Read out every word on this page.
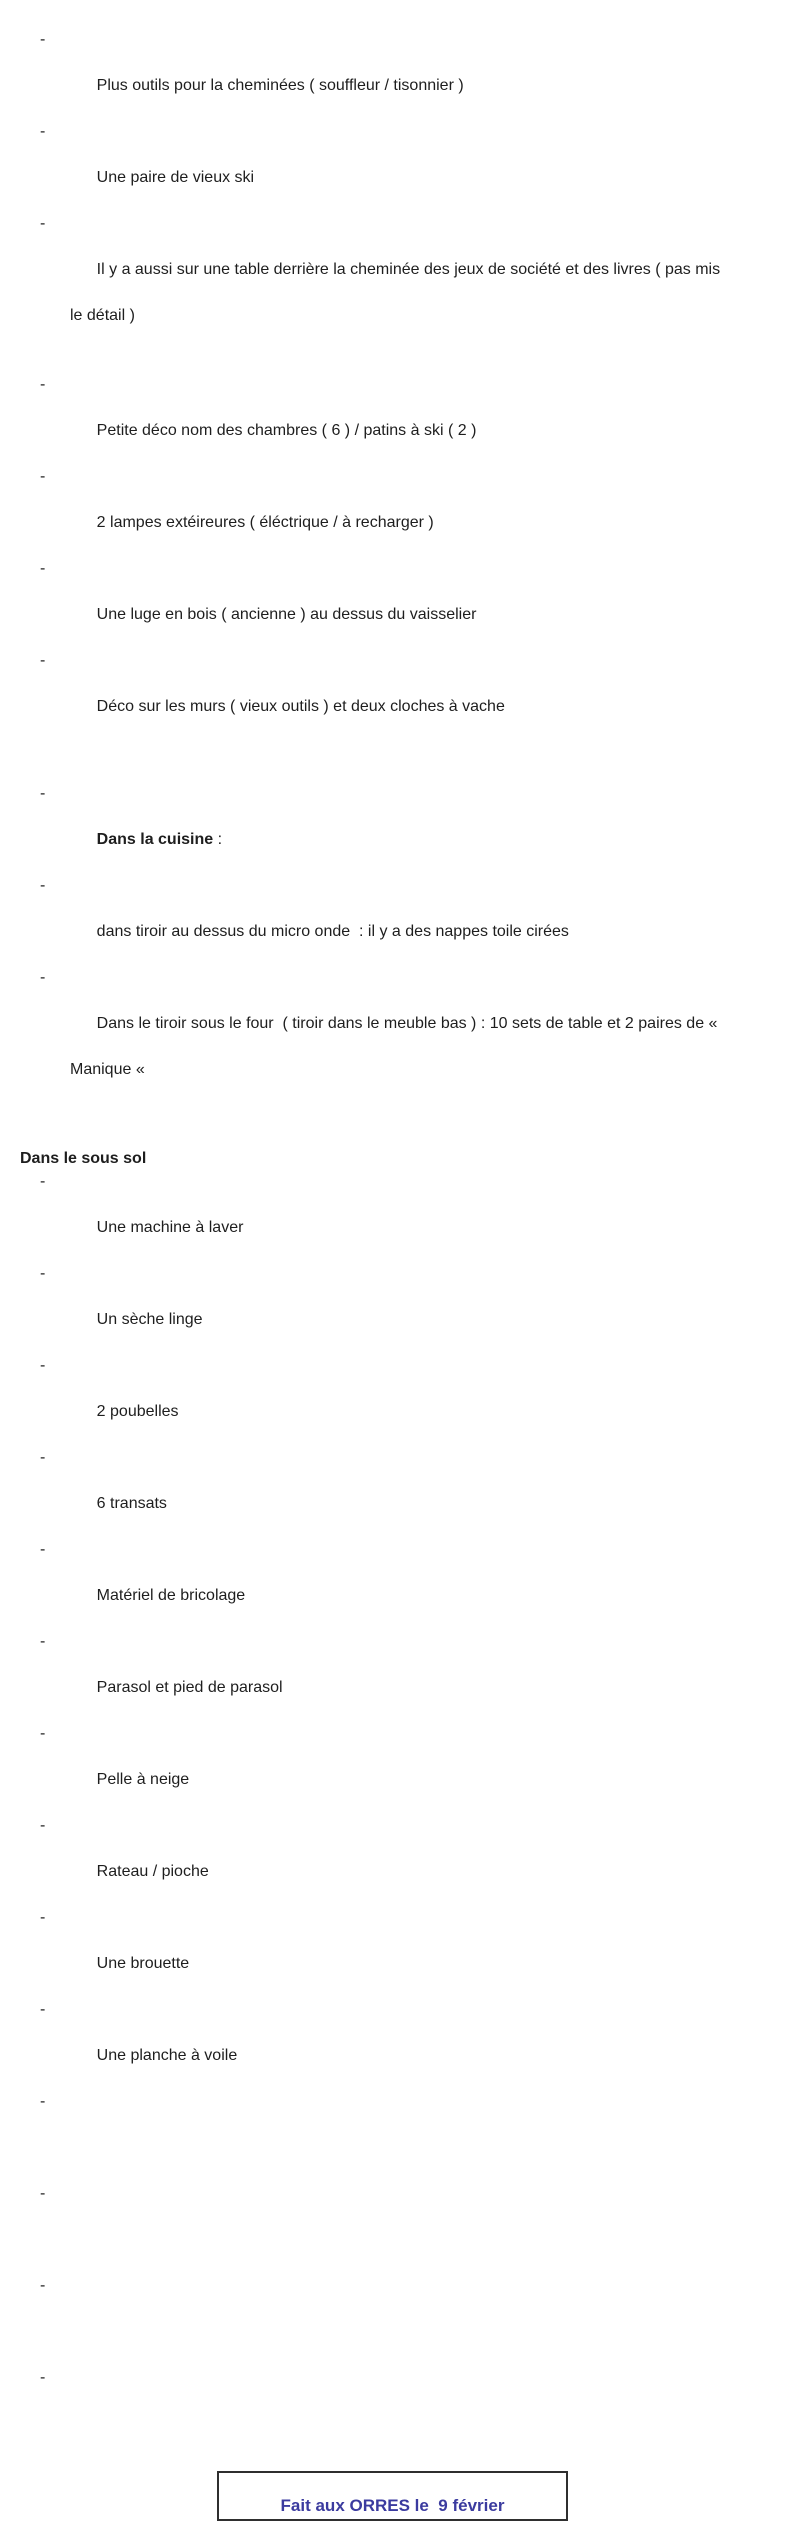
-

Plus outils pour la cheminées ( souffleur / tisonnier )

-

Une paire de vieux ski

-

Il y a aussi sur une table derrière la cheminée des jeux de société et des livres ( pas mis

le détail )

-

Petite déco nom des chambres ( 6 ) / patins à ski ( 2 )

-

2 lampes extéireures ( éléctrique / à recharger )

-

Une luge en bois ( ancienne ) au dessus du vaisselier

-

Déco sur les murs ( vieux outils ) et deux cloches à vache

-

Dans la cuisine :

-

dans tiroir au dessus du micro onde  : il y a des nappes toile cirées

-

Dans le tiroir sous le four  ( tiroir dans le meuble bas ) : 10 sets de table et 2 paires de «

Manique «

Dans le sous sol

-

Une machine à laver

-

Un sèche linge

-

2 poubelles

-

6 transats

-

Matériel de bricolage

-

Parasol et pied de parasol

-

Pelle à neige

-

Rateau / pioche

-

Une brouette

-

Une planche à voile

-

-

-

-

Fait aux ORRES le  9 février
